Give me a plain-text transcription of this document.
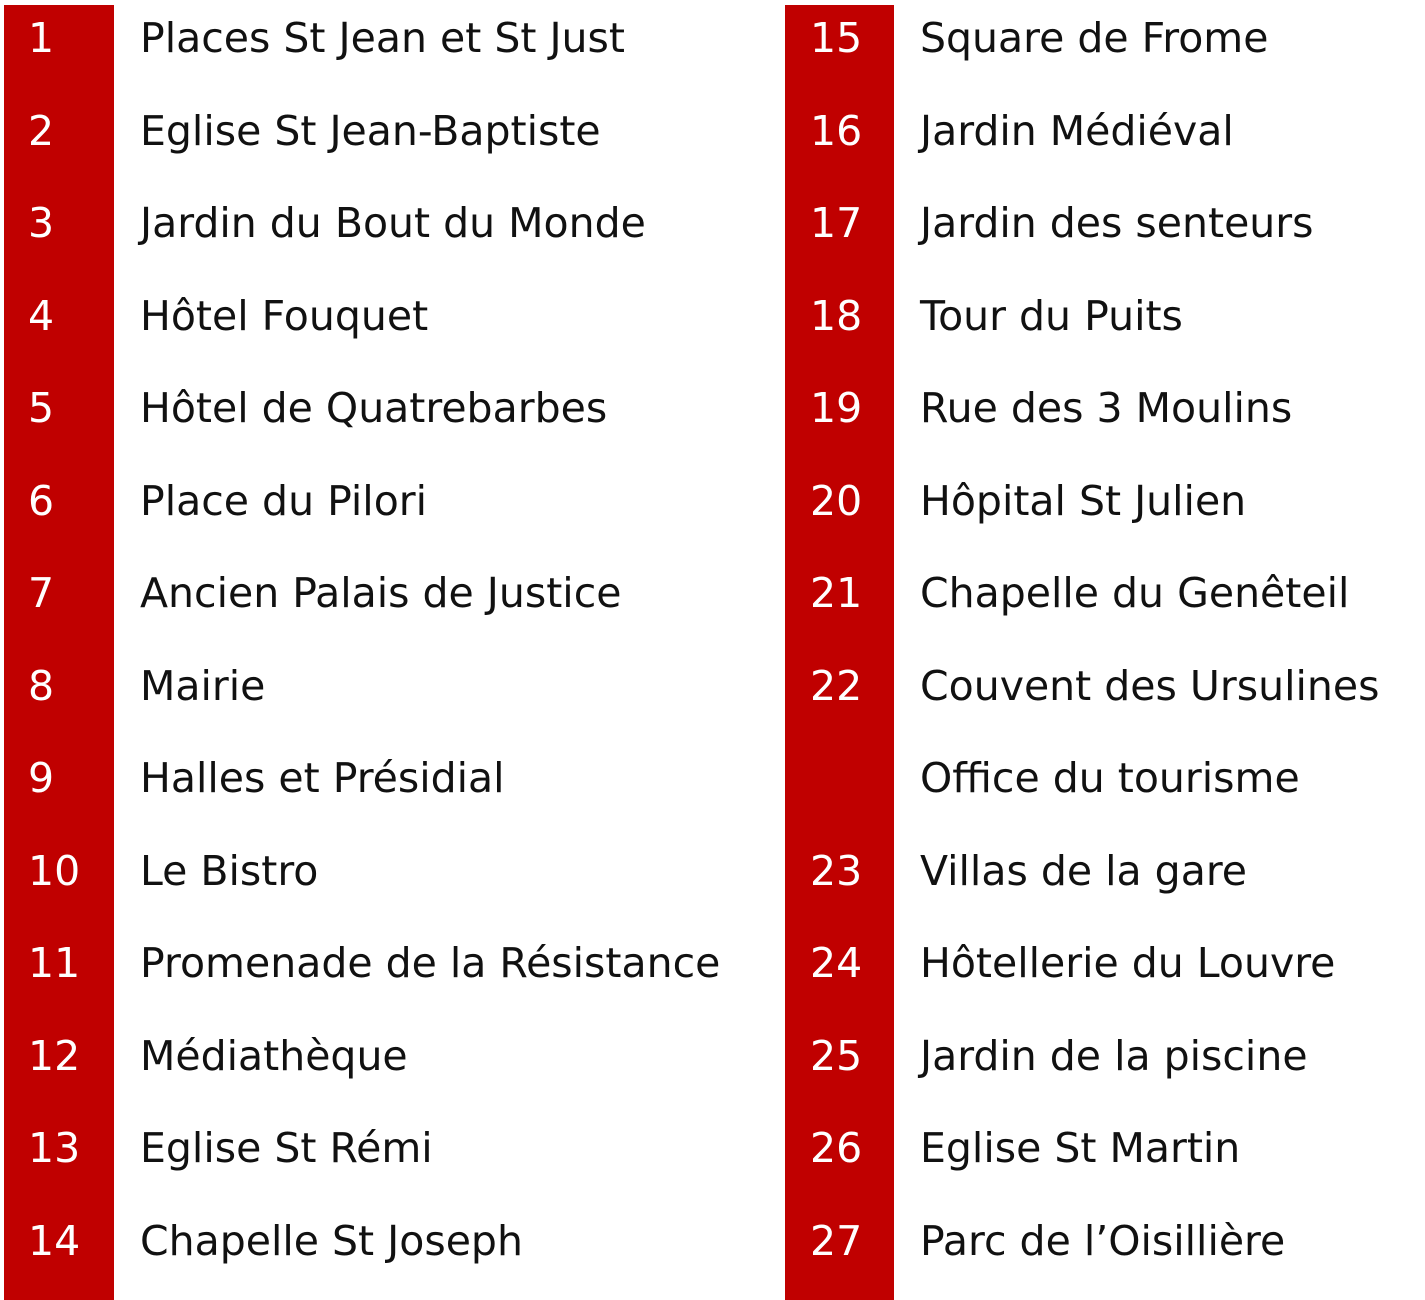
1 Places St Jean et St Just
2 Eglise St Jean-Baptiste
3 Jardin du Bout du Monde
4 Hôtel Fouquet
5 Hôtel de Quatrebarbes
6 Place du Pilori
7 Ancien Palais de Justice
8 Mairie
9 Halles et Présidial
10 Le Bistro
11 Promenade de la Résistance
12 Médiathèque
13 Eglise St Rémi
14 Chapelle St Joseph
15 Square de Frome
16 Jardin Médiéval
17 Jardin des senteurs
18 Tour du Puits
19 Rue des 3 Moulins
20 Hôpital St Julien
21 Chapelle du Genêteil
22 Couvent des Ursulines
Office du tourisme
23 Villas de la gare
24 Hôtellerie du Louvre
25 Jardin de la piscine
26 Eglise St Martin
27 Parc de l’Oisillière
